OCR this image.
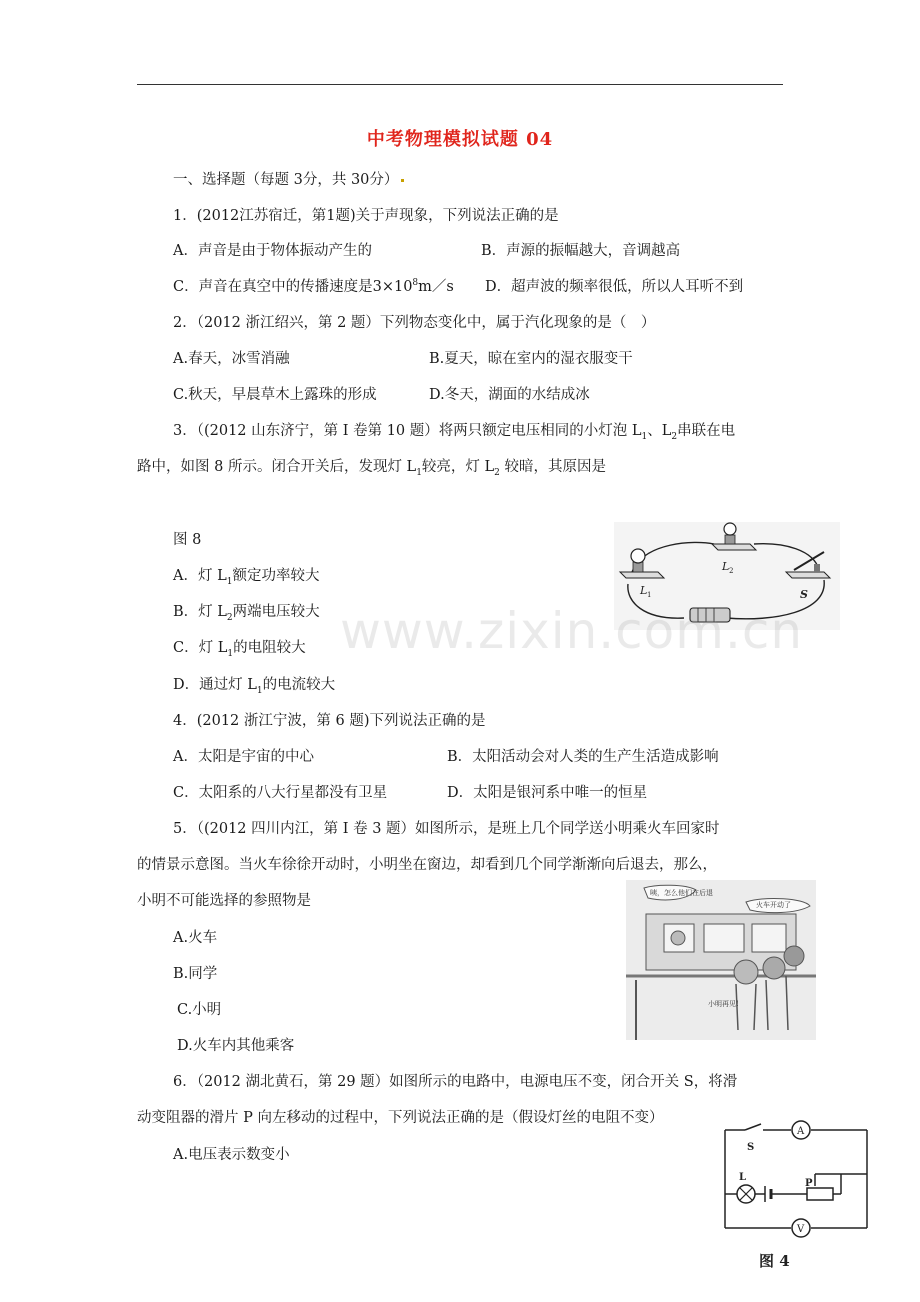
中考物理模拟试题 04
一、选择题（每题 3分，共 30分）
1．(2012江苏宿迁，第1题)关于声现象，下列说法正确的是
A．声音是由于物体振动产生的	B．声源的振幅越大，音调越高
C．声音在真空中的传播速度是$3\times 10^8m/s$ D．超声波的频率很低，所以人耳听不到
2．（2012 浙江绍兴，第 2 题）下列物态变化中，属于汽化现象的是（　）
A.春天，冰雪消融	B.夏天，晾在室内的湿衣服变干
C.秋天，早晨草木上露珠的形成	D.冬天，湖面的水结成冰
3．（(2012 山东济宁，第 I 卷第 10 题）将两只额定电压相同的小灯泡 $L_1$、$L_2$串联在电
路中，如图 8 所示。闭合开关后，发现灯 $L_1$较亮，灯 $L_2$ 较暗，其原因是
图 8
A．灯 $L_1$额定功率较大
B．灯 $L_2$两端电压较大
C．灯 $L_1$的电阻较大
D．通过灯 $L_1$的电流较大
L 1
L 2
S
4．(2012 浙江宁波，第 6 题)下列说法正确的是
A．太阳是宇宙的中心	B．太阳活动会对人类的生产生活造成影响
C．太阳系的八大行星都没有卫星	D．太阳是银河系中唯一的恒星
5．（(2012 四川内江，第 I 卷 3 题）如图所示，是班上几个同学送小明乘火车回家时
的情景示意图。当火车徐徐开动时，小明坐在窗边，却看到几个同学渐渐向后退去，那么，
小明不可能选择的参照物是
A.火车
B.同学
C.小明
D.火车内其他乘客
咦，怎么他们在后退
火车开动了
小明再见!
6．（2012 湖北黄石，第 29 题）如图所示的电路中，电源电压不变，闭合开关 S，将滑
动变阻器的滑片 P 向左移动的过程中，下列说法正确的是（假设灯丝的电阻不变）
A.电压表示数变小
A
V
S
L
P
图 4
www.zixin.com.cn
